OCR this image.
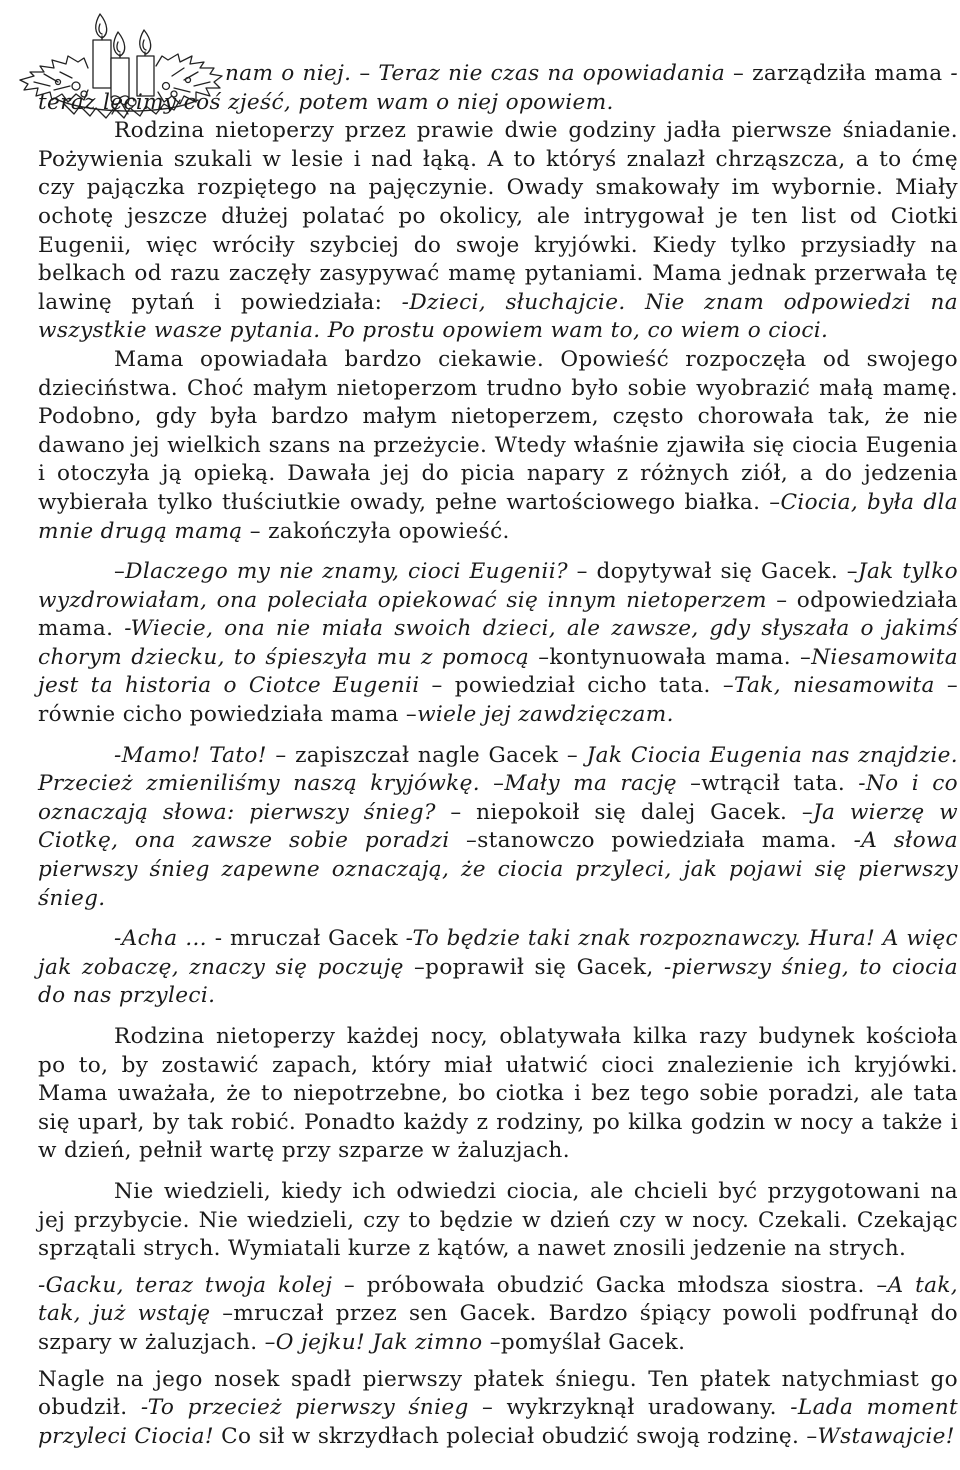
nam o niej. – Teraz nie czas na opowiadania – zarządziła mama -teraz lecimy coś zjeść, potem wam o niej opowiem.

Rodzina nietoperzy przez prawie dwie godziny jadła pierwsze śniadanie. Pożywienia szukali w lesie i nad łąką. A to któryś znalazł chrząszcza, a to ćmę czy pajączka rozpiętego na pajęczynie. Owady smakowały im wybornie. Miały ochotę jeszcze dłużej polatać po okolicy, ale intrygował je ten list od Ciotki Eugenii, więc wróciły szybciej do swoje kryjówki. Kiedy tylko przysiadły na belkach od razu zaczęły zasypywać mamę pytaniami. Mama jednak przerwała tę lawinę pytań i powiedziała: -Dzieci, słuchajcie. Nie znam odpowiedzi na wszystkie wasze pytania. Po prostu opowiem wam to, co wiem o cioci.

Mama opowiadała bardzo ciekawie. Opowieść rozpoczęła od swojego dzieciństwa. Choć małym nietoperzom trudno było sobie wyobrazić małą mamę. Podobno, gdy była bardzo małym nietoperzem, często chorowała tak, że nie dawano jej wielkich szans na przeżycie. Wtedy właśnie zjawiła się ciocia Eugenia i otoczyła ją opieką. Dawała jej do picia napary z różnych ziół, a do jedzenia wybierała tylko tłuściutkie owady, pełne wartościowego białka. –Ciocia, była dla mnie drugą mamą – zakończyła opowieść.

–Dlaczego my nie znamy, cioci Eugenii? – dopytywał się Gacek. –Jak tylko wyzdrowiałam, ona poleciała opiekować się innym nietoperzem – odpowiedziała mama. -Wiecie, ona nie miała swoich dzieci, ale zawsze, gdy słyszała o jakimś chorym dziecku, to śpieszyła mu z pomocą –kontynuowała mama. –Niesamowita jest ta historia o Ciotce Eugenii – powiedział cicho tata. –Tak, niesamowita – równie cicho powiedziała mama –wiele jej zawdzięczam.

-Mamo! Tato! – zapiszczał nagle Gacek – Jak Ciocia Eugenia nas znajdzie. Przecież zmieniliśmy naszą kryjówkę. –Mały ma rację –wtrącił tata. -No i co oznaczają słowa: pierwszy śnieg? – niepokoił się dalej Gacek. –Ja wierzę w Ciotkę, ona zawsze sobie poradzi –stanowczo powiedziała mama. -A słowa pierwszy śnieg zapewne oznaczają, że ciocia przyleci, jak pojawi się pierwszy śnieg.

-Acha … - mruczał Gacek -To będzie taki znak rozpoznawczy. Hura! A więc jak zobaczę, znaczy się poczuję –poprawił się Gacek, -pierwszy śnieg, to ciocia do nas przyleci.

Rodzina nietoperzy każdej nocy, oblatywała kilka razy budynek kościoła po to, by zostawić zapach, który miał ułatwić cioci znalezienie ich kryjówki. Mama uważała, że to niepotrzebne, bo ciotka i bez tego sobie poradzi, ale tata się uparł, by tak robić. Ponadto każdy z rodziny, po kilka godzin w nocy a także i w dzień, pełnił wartę przy szparze w żaluzjach.

Nie wiedzieli, kiedy ich odwiedzi ciocia, ale chcieli być przygotowani na jej przybycie. Nie wiedzieli, czy to będzie w dzień czy w nocy. Czekali. Czekając sprzątali strych. Wymiatali kurze z kątów, a nawet znosili jedzenie na strych.

-Gacku, teraz twoja kolej – próbowała obudzić Gacka młodsza siostra. –A tak, tak, już wstaję –mruczał przez sen Gacek. Bardzo śpiący powoli podfrunął do szpary w żaluzjach. –O jejku! Jak zimno –pomyślał Gacek.

Nagle na jego nosek spadł pierwszy płatek śniegu. Ten płatek natychmiast go obudził. -To przecież pierwszy śnieg – wykrzyknął uradowany. -Lada moment przyleci Ciocia! Co sił w skrzydłach poleciał obudzić swoją rodzinę. –Wstawajcie!
